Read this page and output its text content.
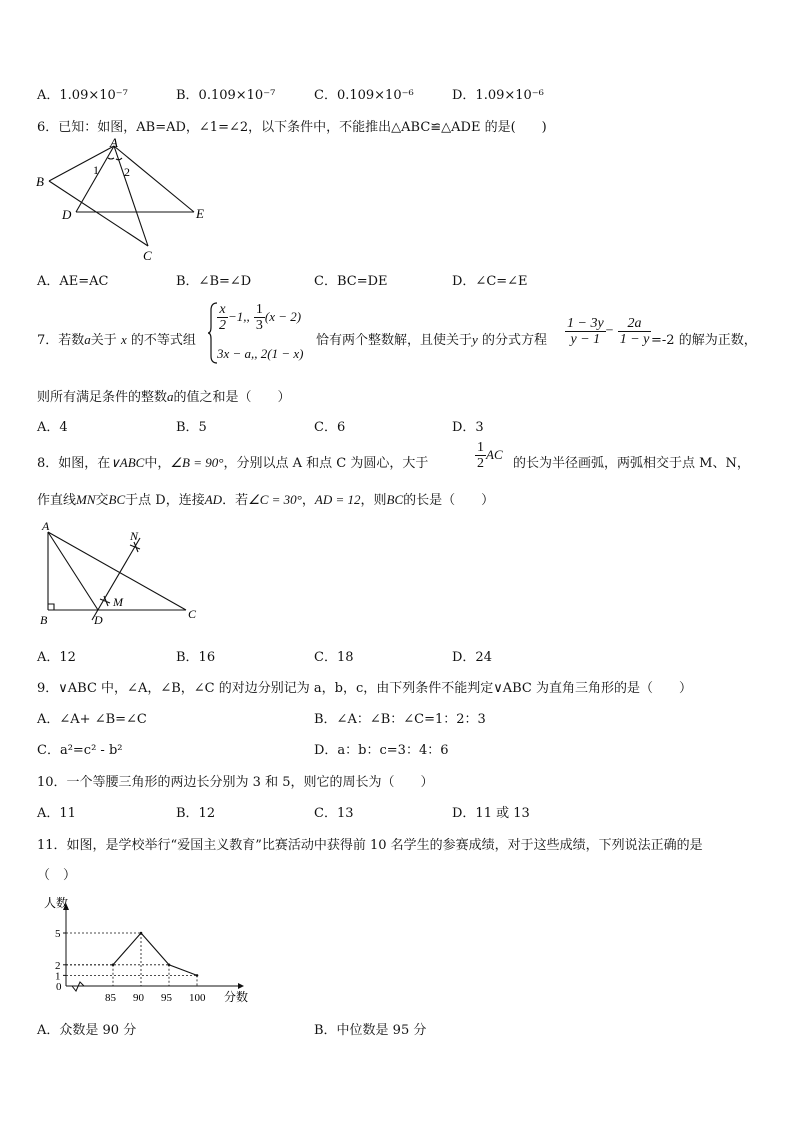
A．1.09×10⁻⁷	B．0.109×10⁻⁷	C．0.109×10⁻⁶	D．1.09×10⁻⁶
6．已知：如图，AB=AD，∠1=∠2，以下条件中，不能推出△ABC≌△ADE 的是(　　)
A
B
C
D	E
1 2
A．AE=AC	B．∠B=∠D	C．BC=DE	D．∠C=∠E
7．若数a关于 x 的不等式组
$\frac{x}{2} -1$,, $\frac{1}{3} (x - 2)$
3x − a,, 2(1 − x)
恰有两个整数解，且使关于y 的分式方程 $\frac{1 - 3y}{y - 1} - \frac{2a}{1 - y} =-2$ 的解为正数，
则所有满足条件的整数a的值之和是（　　）
A．4	B．5	C．6	D．3
8．如图，在∨ABC中，∠B = 90°，分别以点 A 和点 C 为圆心，大于	$\frac{1}{2}$ AC
的长为半径画弧，两弧相交于点 M、N，
作直线MN交BC于点 D，连接AD．若∠C = 30°，AD = 12，则BC的长是（　　）
A
B	C
D
M
N
A．12	B．16	C．18	D．24
9．∨ABC 中，∠A，∠B，∠C 的对边分别记为 a，b，c，由下列条件不能判定∨ABC 为直角三角形的是（　　）
A．∠A+ ∠B=∠C	B．∠A：∠B：∠C=1：2：3
C．a²=c² - b²	D．a：b：c=3：4：6
10．一个等腰三角形的两边长分别为 3 和 5，则它的周长为（　　）
A．11	B．12	C．13	D．11 或 13
11．如图，是学校举行“爱国主义教育”比赛活动中获得前 10 名学生的参赛成绩，对于这些成绩，下列说法正确的是
（　）
人数
分数
0
1
2
5
85 90 95 100
A．众数是 90 分	B．中位数是 95 分
